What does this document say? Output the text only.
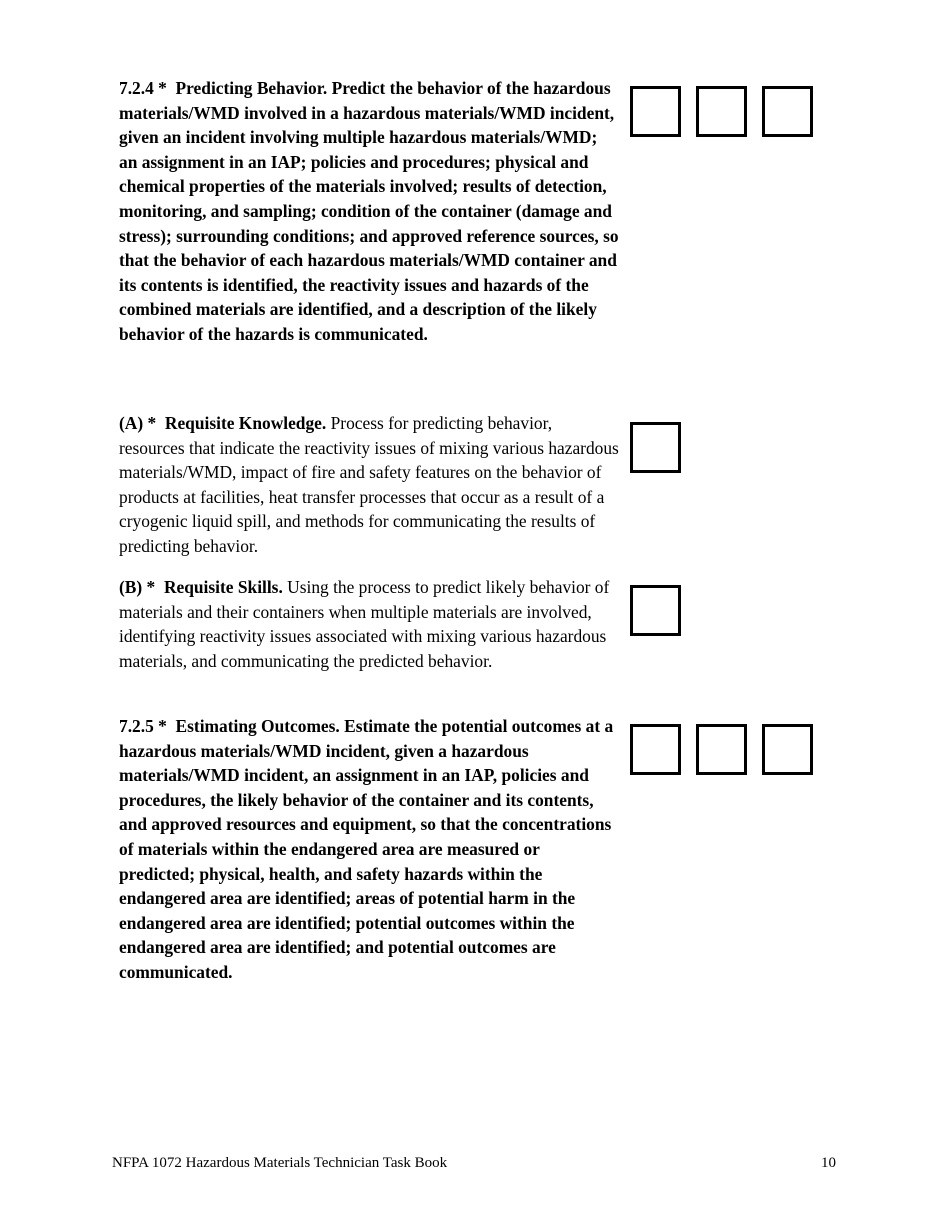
7.2.4 * Predicting Behavior. Predict the behavior of the hazardous materials/WMD involved in a hazardous materials/WMD incident, given an incident involving multiple hazardous materials/WMD; an assignment in an IAP; policies and procedures; physical and chemical properties of the materials involved; results of detection, monitoring, and sampling; condition of the container (damage and stress); surrounding conditions; and approved reference sources, so that the behavior of each hazardous materials/WMD container and its contents is identified, the reactivity issues and hazards of the combined materials are identified, and a description of the likely behavior of the hazards is communicated.

(A) * Requisite Knowledge. Process for predicting behavior, resources that indicate the reactivity issues of mixing various hazardous materials/WMD, impact of fire and safety features on the behavior of products at facilities, heat transfer processes that occur as a result of a cryogenic liquid spill, and methods for communicating the results of predicting behavior.

(B) * Requisite Skills. Using the process to predict likely behavior of materials and their containers when multiple materials are involved, identifying reactivity issues associated with mixing various hazardous materials, and communicating the predicted behavior.

7.2.5 * Estimating Outcomes. Estimate the potential outcomes at a hazardous materials/WMD incident, given a hazardous materials/WMD incident, an assignment in an IAP, policies and procedures, the likely behavior of the container and its contents, and approved resources and equipment, so that the concentrations of materials within the endangered area are measured or predicted; physical, health, and safety hazards within the endangered area are identified; areas of potential harm in the endangered area are identified; potential outcomes within the endangered area are identified; and potential outcomes are communicated.

NFPA 1072 Hazardous Materials Technician Task Book	10
